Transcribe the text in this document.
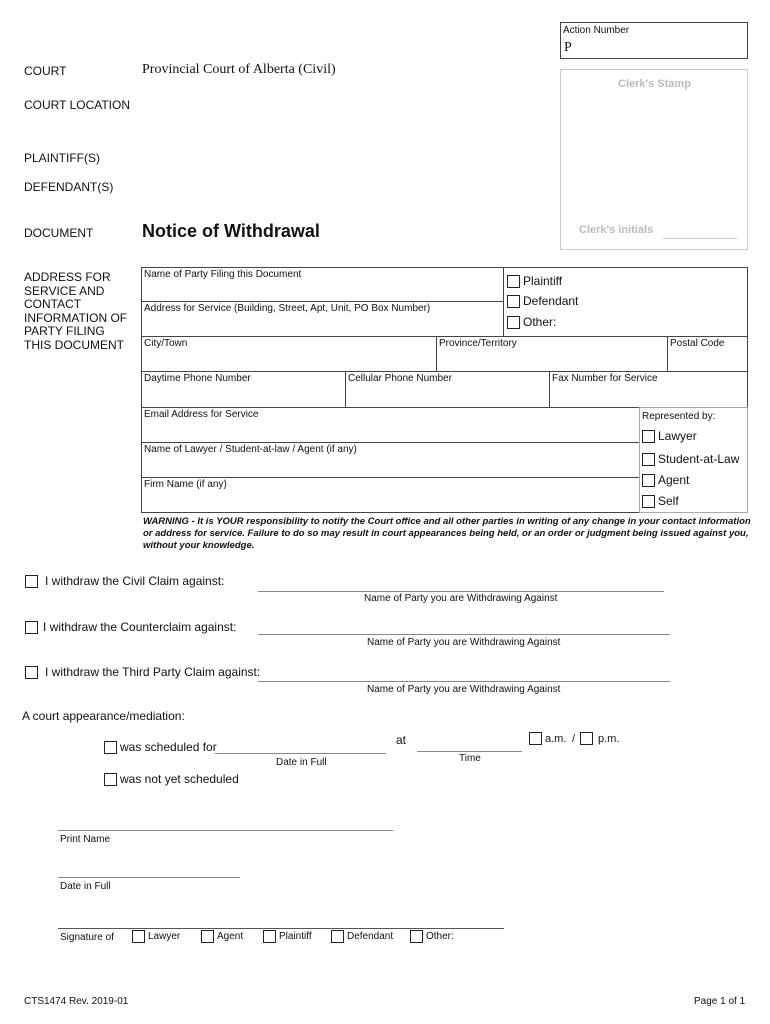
Action Number
P
Clerk's Stamp
Clerk's initials
COURT	Provincial Court of Alberta (Civil)
COURT LOCATION
PLAINTIFF(S)
DEFENDANT(S)
DOCUMENT	Notice of Withdrawal
ADDRESS FOR SERVICE AND CONTACT INFORMATION OF PARTY FILING THIS DOCUMENT
Name of Party Filing this Document
Address for Service (Building, Street, Apt, Unit, PO Box Number)
Plaintiff
Defendant
Other:
City/Town	Province/Territory	Postal Code
Daytime Phone Number	Cellular Phone Number	Fax Number for Service
Email Address for Service
Name of Lawyer / Student-at-law / Agent (if any)
Firm Name (if any)
Represented by:
Lawyer
Student-at-Law
Agent
Self
WARNING - It is YOUR responsibility to notify the Court office and all other parties in writing of any change in your contact information or address for service. Failure to do so may result in court appearances being held, or an order or judgment being issued against you, without your knowledge.
I withdraw the Civil Claim against:
Name of Party you are Withdrawing Against
I withdraw the Counterclaim against:
Name of Party you are Withdrawing Against
I withdraw the Third Party Claim against:
Name of Party you are Withdrawing Against
A court appearance/mediation:
was scheduled for
Date in Full
at
Time
a.m. / p.m.
was not yet scheduled
Print Name
Date in Full
Signature of	Lawyer	Agent	Plaintiff	Defendant	Other:
CTS1474 Rev. 2019-01	Page 1 of 1
